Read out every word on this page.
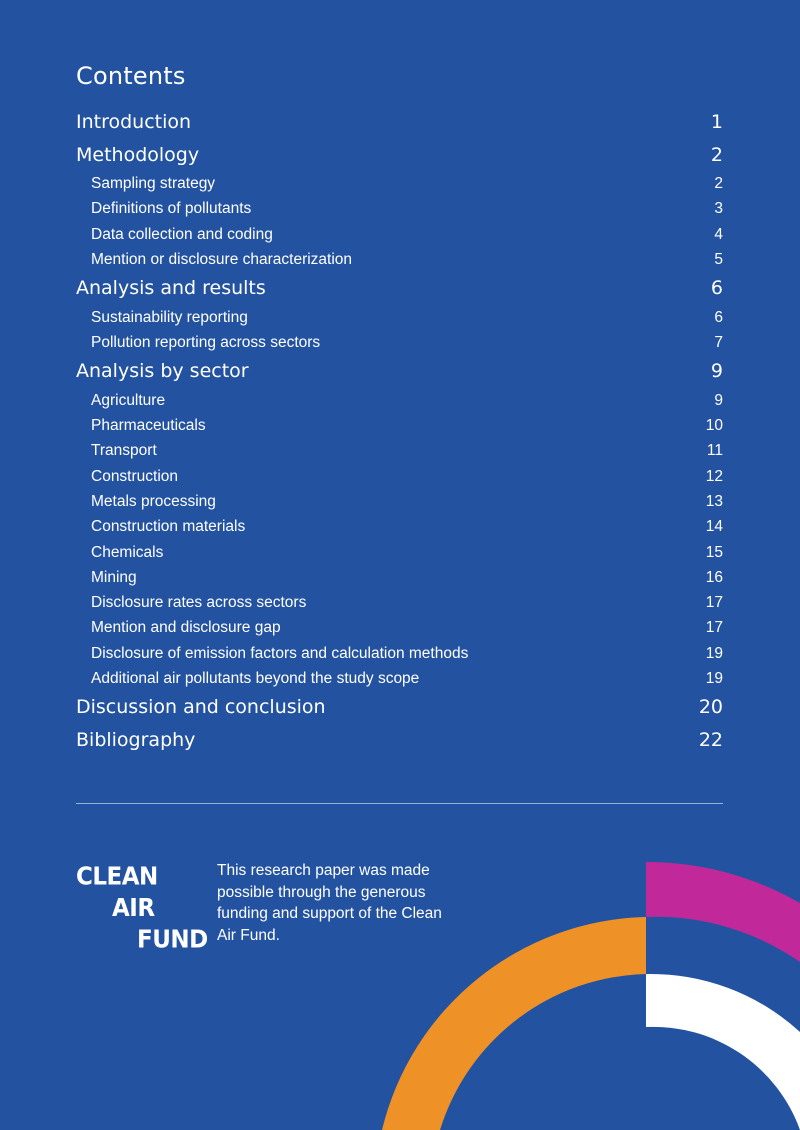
Contents
Introduction	1
Methodology	2
Sampling strategy	2
Definitions of pollutants	3
Data collection and coding	4
Mention or disclosure characterization	5
Analysis and results	6
Sustainability reporting	6
Pollution reporting across sectors	7
Analysis by sector	9
Agriculture	9
Pharmaceuticals	10
Transport	11
Construction	12
Metals processing	13
Construction materials	14
Chemicals	15
Mining	16
Disclosure rates across sectors	17
Mention and disclosure gap	17
Disclosure of emission factors and calculation methods	19
Additional air pollutants beyond the study scope	19
Discussion and conclusion	20
Bibliography	22
CLEAN
AIR
FUND
This research paper was made possible through the generous funding and support of the Clean Air Fund.
